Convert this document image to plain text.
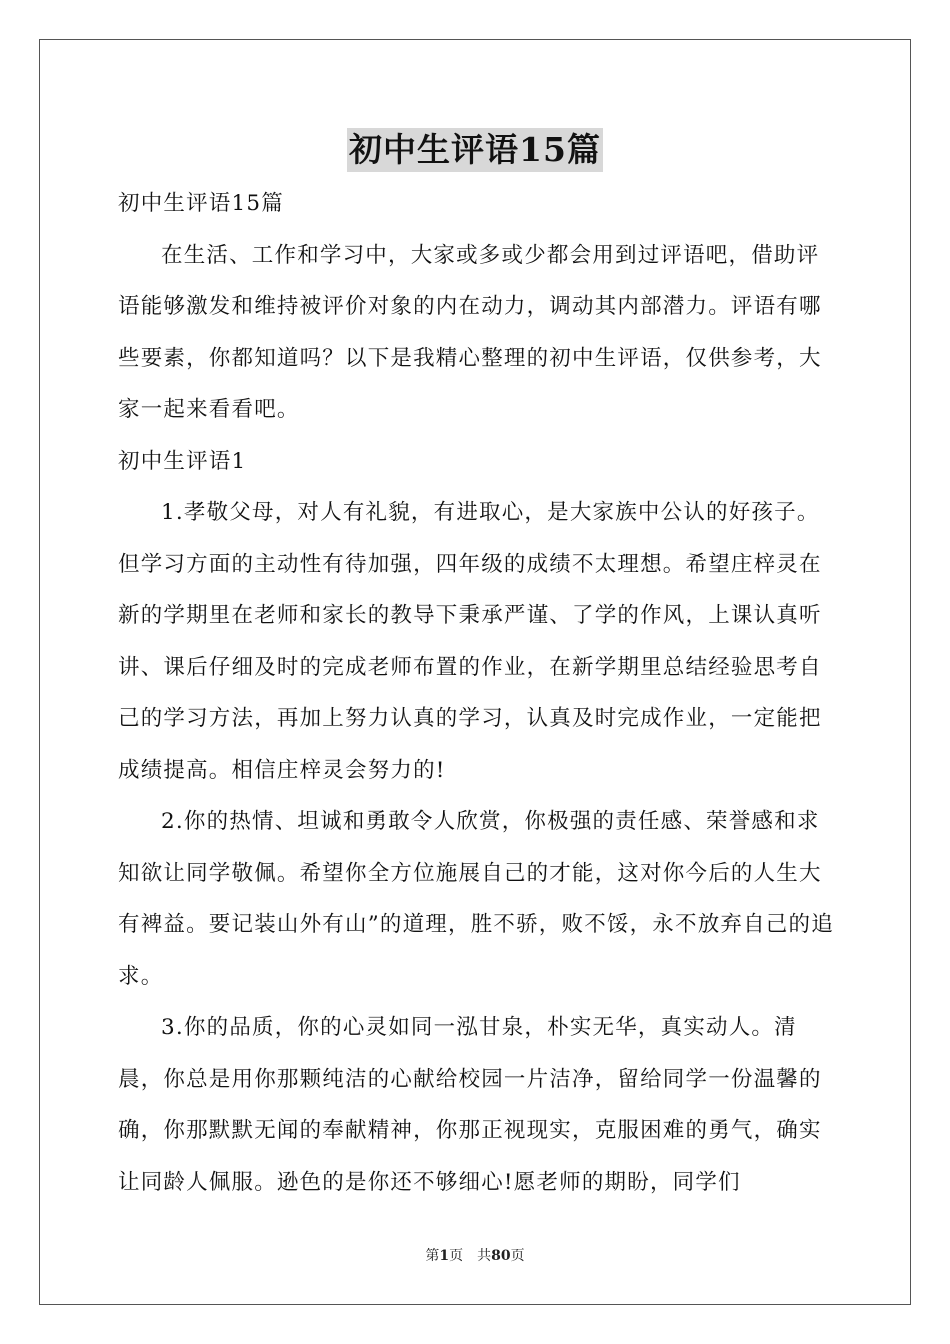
初中生评语15篇

初中生评语15篇

在生活、工作和学习中，大家或多或少都会用到过评语吧，借助评语能够激发和维持被评价对象的内在动力，调动其内部潜力。评语有哪些要素，你都知道吗？以下是我精心整理的初中生评语，仅供参考，大家一起来看看吧。

初中生评语1

1.孝敬父母，对人有礼貌，有进取心，是大家族中公认的好孩子。但学习方面的主动性有待加强，四年级的成绩不太理想。希望庄梓灵在新的学期里在老师和家长的教导下秉承严谨、了学的作风，上课认真听讲、课后仔细及时的完成老师布置的作业，在新学期里总结经验思考自己的学习方法，再加上努力认真的学习，认真及时完成作业，一定能把成绩提高。相信庄梓灵会努力的!

2.你的热情、坦诚和勇敢令人欣赏，你极强的责任感、荣誉感和求知欲让同学敬佩。希望你全方位施展自己的才能，这对你今后的人生大有裨益。要记装山外有山”的道理，胜不骄，败不馁，永不放弃自己的追求。

3.你的品质，你的心灵如同一泓甘泉，朴实无华，真实动人。清晨，你总是用你那颗纯洁的心献给校园一片洁净，留给同学一份温馨的确，你那默默无闻的奉献精神，你那正视现实，克服困难的勇气，确实让同龄人佩服。逊色的是你还不够细心!愿老师的期盼，同学们

第1页　共80页
